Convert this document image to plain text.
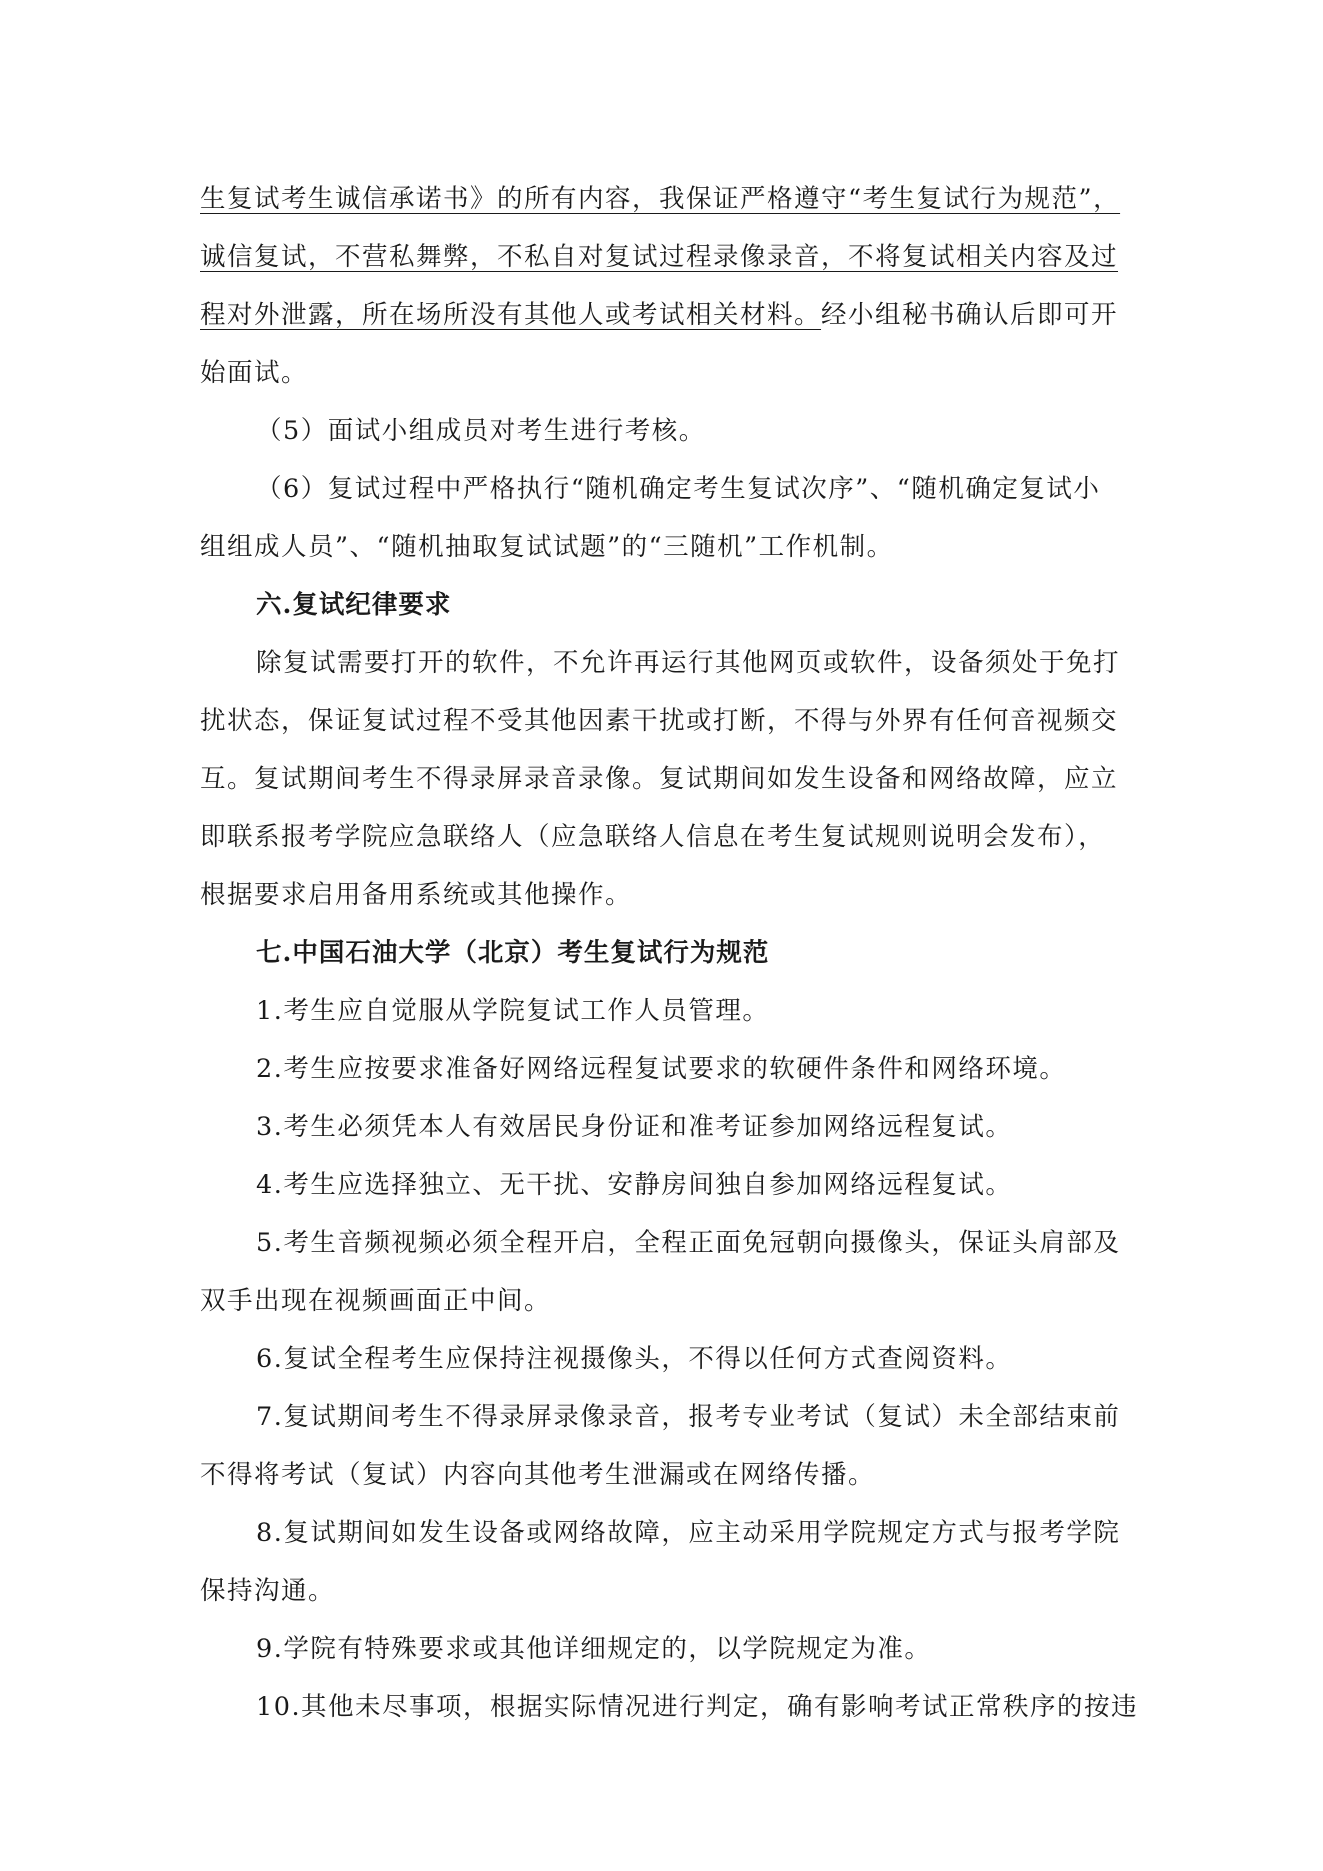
生复试考生诚信承诺书》的所有内容，我保证严格遵守“考生复试行为规范”，
诚信复试，不营私舞弊，不私自对复试过程录像录音，不将复试相关内容及过
程对外泄露，所在场所没有其他人或考试相关材料。经小组秘书确认后即可开
始面试。
（5）面试小组成员对考生进行考核。
（6）复试过程中严格执行“随机确定考生复试次序”、“随机确定复试小
组组成人员”、“随机抽取复试试题”的“三随机”工作机制。
六.复试纪律要求
除复试需要打开的软件，不允许再运行其他网页或软件，设备须处于免打
扰状态，保证复试过程不受其他因素干扰或打断，不得与外界有任何音视频交
互。复试期间考生不得录屏录音录像。复试期间如发生设备和网络故障，应立
即联系报考学院应急联络人（应急联络人信息在考生复试规则说明会发布），
根据要求启用备用系统或其他操作。
七.中国石油大学（北京）考生复试行为规范
1.考生应自觉服从学院复试工作人员管理。
2.考生应按要求准备好网络远程复试要求的软硬件条件和网络环境。
3.考生必须凭本人有效居民身份证和准考证参加网络远程复试。
4.考生应选择独立、无干扰、安静房间独自参加网络远程复试。
5.考生音频视频必须全程开启，全程正面免冠朝向摄像头，保证头肩部及
双手出现在视频画面正中间。
6.复试全程考生应保持注视摄像头，不得以任何方式查阅资料。
7.复试期间考生不得录屏录像录音，报考专业考试（复试）未全部结束前
不得将考试（复试）内容向其他考生泄漏或在网络传播。
8.复试期间如发生设备或网络故障，应主动采用学院规定方式与报考学院
保持沟通。
9.学院有特殊要求或其他详细规定的，以学院规定为准。
10.其他未尽事项，根据实际情况进行判定，确有影响考试正常秩序的按违
